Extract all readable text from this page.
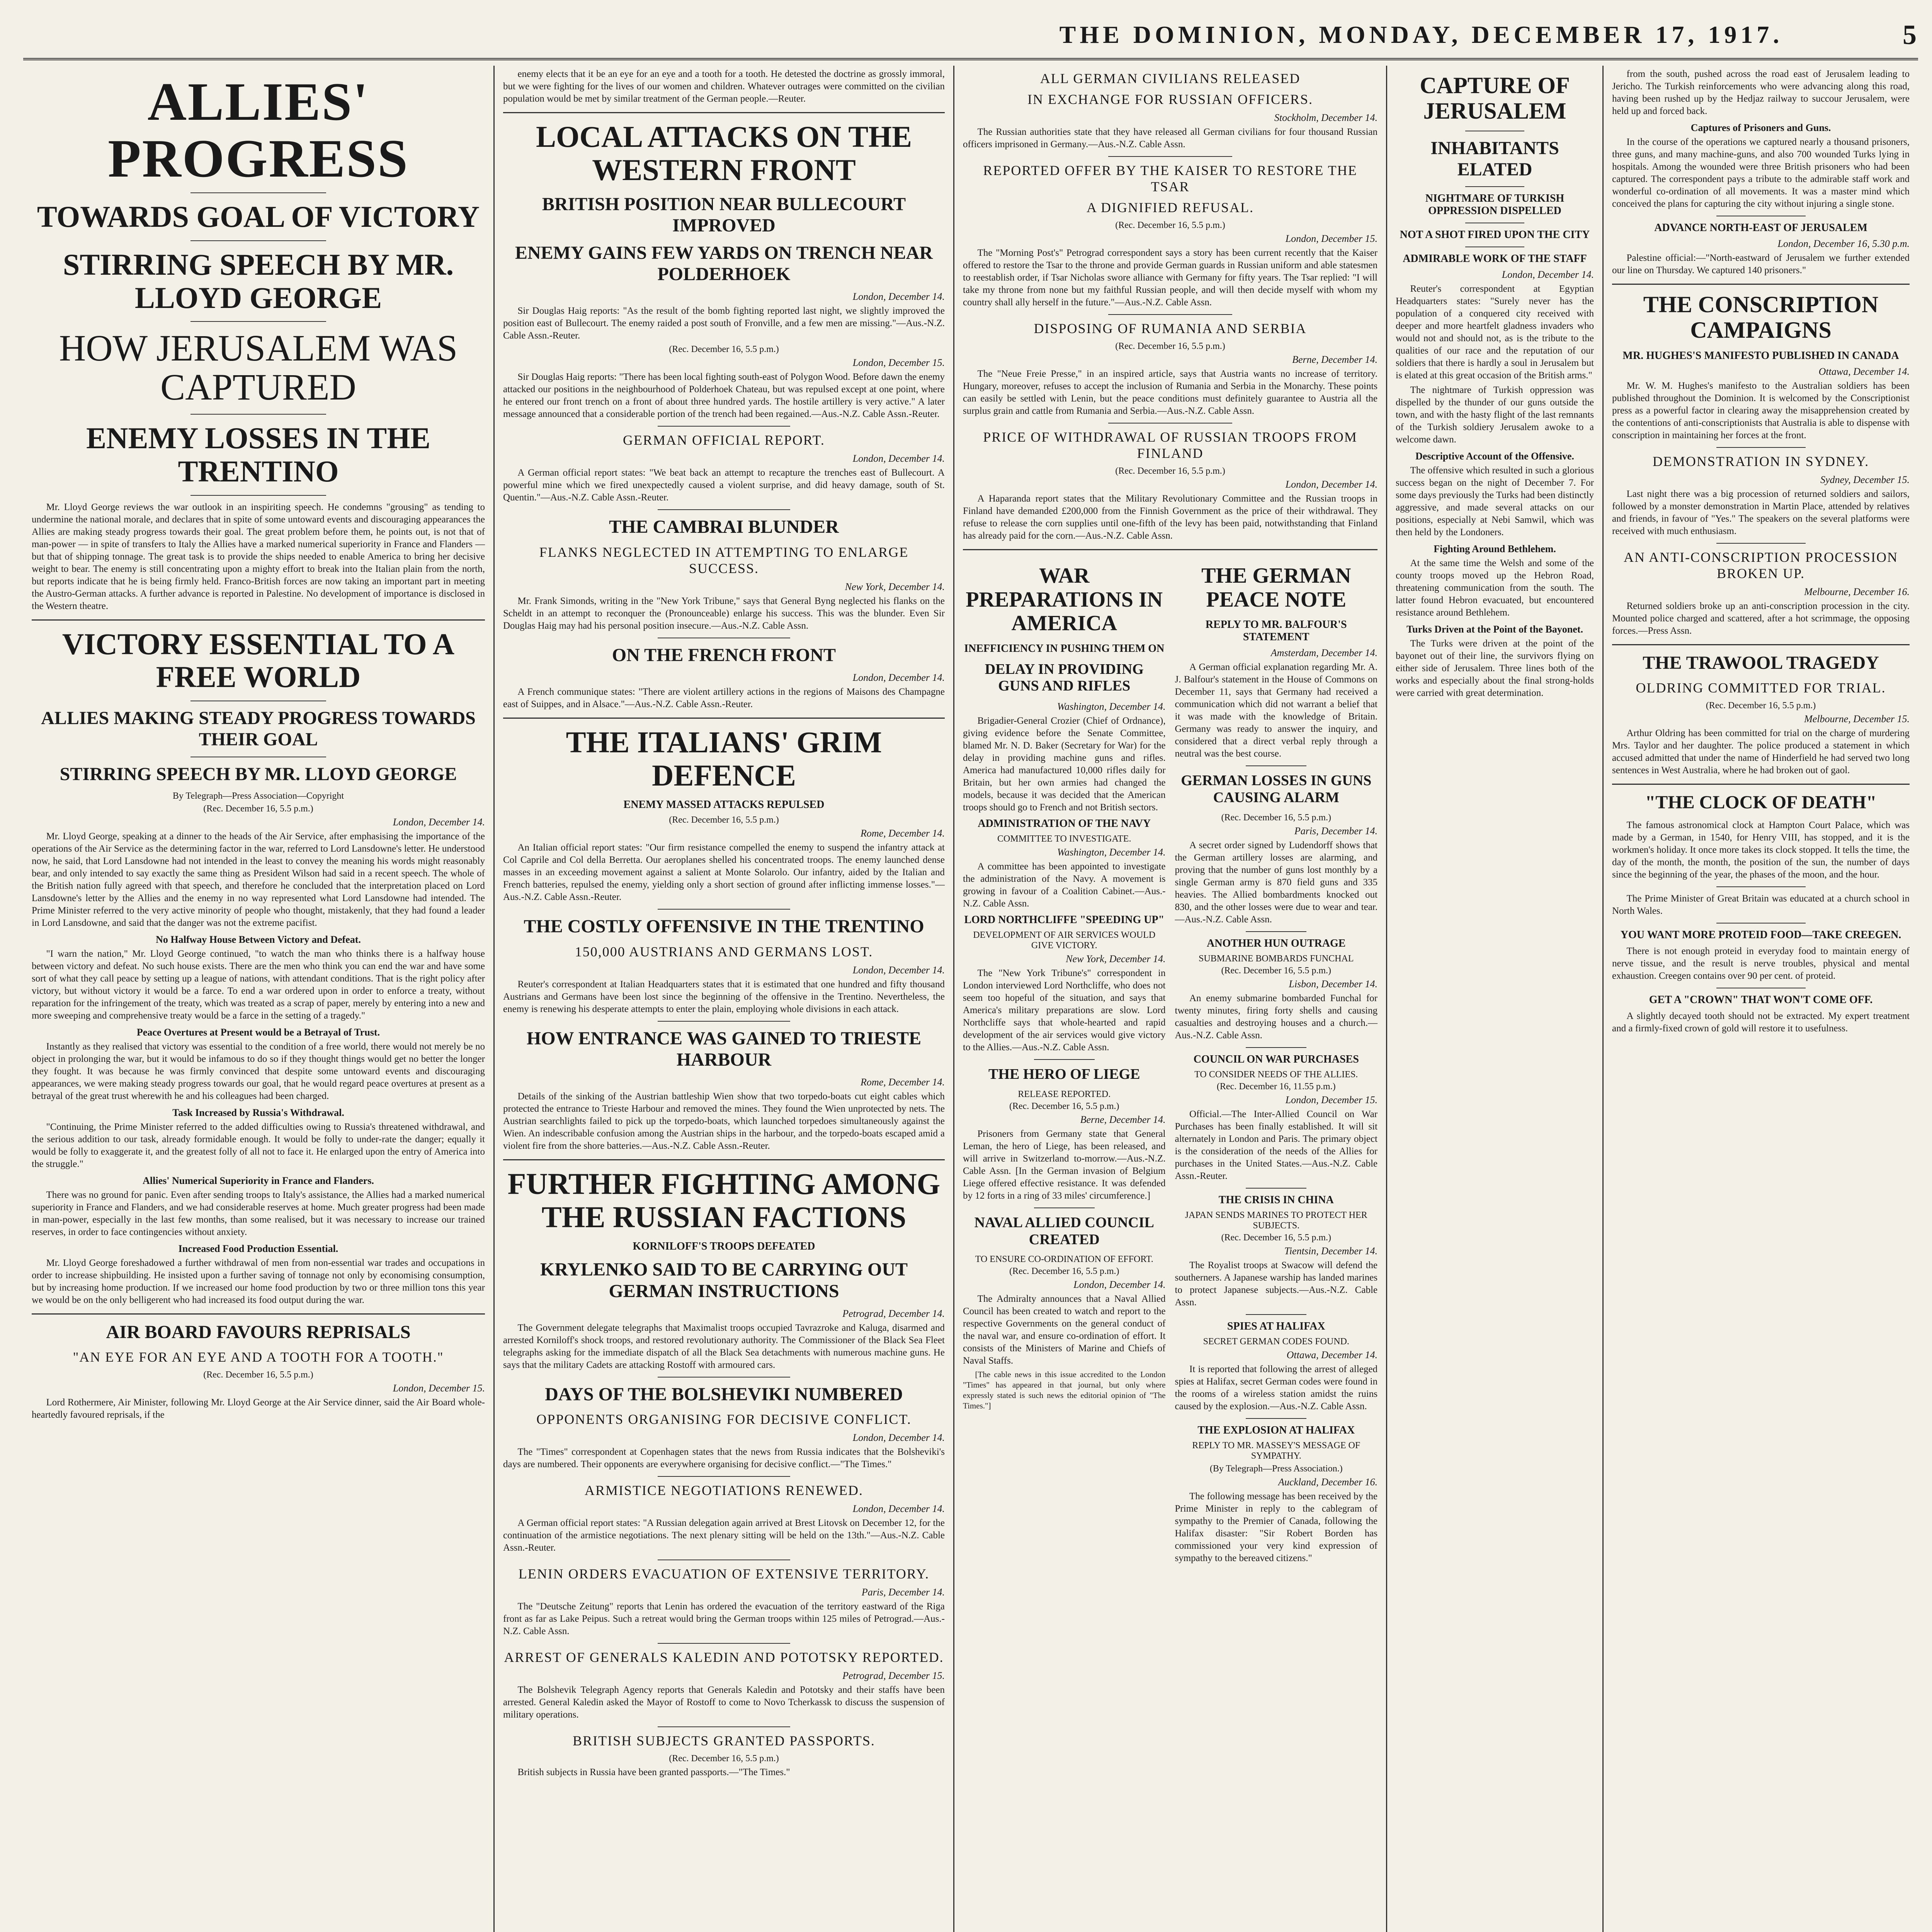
THE DOMINION, MONDAY, DECEMBER 17, 1917.	5
ALLIES' PROGRESS
TOWARDS GOAL OF VICTORY
STIRRING SPEECH BY MR. LLOYD GEORGE
HOW JERUSALEM WAS CAPTURED
ENEMY LOSSES IN THE TRENTINO

Mr. Lloyd George reviews the war outlook in an inspiriting speech. He condemns "grousing" as tending to undermine the national morale, and declares that in spite of some untoward events and discouraging appearances the Allies are making steady progress towards their goal. The great problem before them, he points out, is not that of man-power — in spite of transfers to Italy the Allies have a marked numerical superiority in France and Flanders — but that of shipping tonnage. The great task is to provide the ships needed to enable America to bring her decisive weight to bear. The enemy is still concentrating upon a mighty effort to break into the Italian plain from the north, but reports indicate that he is being firmly held. Franco-British forces are now taking an important part in meeting the Austro-German attacks. A further advance is reported in Palestine. No development of importance is disclosed in the Western theatre.

VICTORY ESSENTIAL TO A FREE WORLD
ALLIES MAKING STEADY PROGRESS TOWARDS THEIR GOAL
STIRRING SPEECH BY MR. LLOYD GEORGE
By Telegraph—Press Association—Copyright
(Rec. December 16, 5.5 p.m.)
London, December 14.

Mr. Lloyd George, speaking at a dinner to the heads of the Air Service, after emphasising the importance of the operations of the Air Service as the determining factor in the war, referred to Lord Lansdowne's letter. He understood now, he said, that Lord Lansdowne had not intended in the least to convey the meaning his words might reasonably bear, and only intended to say exactly the same thing as President Wilson had said in a recent speech. The whole of the British nation fully agreed with that speech, and therefore he concluded that the interpretation placed on Lord Lansdowne's letter by the Allies and the enemy in no way represented what Lord Lansdowne had intended. The Prime Minister referred to the very active minority of people who thought, mistakenly, that they had found a leader in Lord Lansdowne, and said that the danger was not the extreme pacifist.

No Halfway House Between Victory and Defeat.

"I warn the nation," Mr. Lloyd George continued, "to watch the man who thinks there is a halfway house between victory and defeat. No such house exists. There are the men who think you can end the war and have some sort of what they call peace by setting up a league of nations, with attendant conditions. That is the right policy after victory, but without victory it would be a farce. To end a war ordered upon in order to enforce a treaty, without reparation for the infringement of the treaty, which was treated as a scrap of paper, merely by entering into a new and more sweeping and comprehensive treaty would be a farce in the setting of a tragedy."

Peace Overtures at Present would be a Betrayal of Trust.

Instantly as they realised that victory was essential to the condition of a free world, there would not merely be no object in prolonging the war, but it would be infamous to do so if they thought things would get no better the longer they fought. It was because he was firmly convinced that despite some untoward events and discouraging appearances, we were making steady progress towards our goal, that he would regard peace overtures at present as a betrayal of the great trust wherewith he and his colleagues had been charged.

Task Increased by Russia's Withdrawal.

"Continuing, the Prime Minister referred to the added difficulties owing to Russia's threatened withdrawal, and the serious addition to our task, already formidable enough. It would be folly to under-rate the danger; equally it would be folly to exaggerate it, and the greatest folly of all not to face it. He enlarged upon the entry of America into the struggle."

Allies' Numerical Superiority in France and Flanders.

There was no ground for panic. Even after sending troops to Italy's assistance, the Allies had a marked numerical superiority in France and Flanders, and we had considerable reserves at home. Much greater progress had been made in man-power, especially in the last few months, than some realised, but it was necessary to increase our trained reserves, in order to face contingencies without anxiety.

Increased Food Production Essential.

Mr. Lloyd George foreshadowed a further withdrawal of men from non-essential war trades and occupations in order to increase shipbuilding. He insisted upon a further saving of tonnage not only by economising consumption, but by increasing home production. If we increased our home food production by two or three million tons this year we would be on the only belligerent who had increased its food output during the war.

AIR BOARD FAVOURS REPRISALS
"AN EYE FOR AN EYE AND A TOOTH FOR A TOOTH."
(Rec. December 16, 5.5 p.m.)
London, December 15.

Lord Rothermere, Air Minister, following Mr. Lloyd George at the Air Service dinner, said the Air Board whole-heartedly favoured reprisals, if the

enemy elects that it be an eye for an eye and a tooth for a tooth. He detested the doctrine as grossly immoral, but we were fighting for the lives of our women and children. Whatever outrages were committed on the civilian population would be met by similar treatment of the German people.—Reuter.

LOCAL ATTACKS ON THE WESTERN FRONT
BRITISH POSITION NEAR BULLECOURT IMPROVED
ENEMY GAINS FEW YARDS ON TRENCH NEAR POLDERHOEK
London, December 14.

Sir Douglas Haig reports: "As the result of the bomb fighting reported last night, we slightly improved the position east of Bullecourt. The enemy raided a post south of Fronville, and a few men are missing."—Aus.-N.Z. Cable Assn.-Reuter.

(Rec. December 16, 5.5 p.m.)
London, December 15.

Sir Douglas Haig reports: "There has been local fighting south-east of Polygon Wood. Before dawn the enemy attacked our positions in the neighbourhood of Polderhoek Chateau, but was repulsed except at one point, where he entered our front trench on a front of about three hundred yards. The hostile artillery is very active." A later message announced that a considerable portion of the trench had been regained.—Aus.-N.Z. Cable Assn.-Reuter.

GERMAN OFFICIAL REPORT.
London, December 14.

A German official report states: "We beat back an attempt to recapture the trenches east of Bullecourt. A powerful mine which we fired unexpectedly caused a violent surprise, and did heavy damage, south of St. Quentin."—Aus.-N.Z. Cable Assn.-Reuter.

THE CAMBRAI BLUNDER
FLANKS NEGLECTED IN ATTEMPTING TO ENLARGE SUCCESS.
New York, December 14.

Mr. Frank Simonds, writing in the "New York Tribune," says that General Byng neglected his flanks on the Scheldt in an attempt to reconquer the (Pronounceable) enlarge his success. This was the blunder. Even Sir Douglas Haig may had his personal position insecure.—Aus.-N.Z. Cable Assn.

ON THE FRENCH FRONT
London, December 14.

A French communique states: "There are violent artillery actions in the regions of Maisons des Champagne east of Suippes, and in Alsace."—Aus.-N.Z. Cable Assn.-Reuter.

THE ITALIANS' GRIM DEFENCE
ENEMY MASSED ATTACKS REPULSED
(Rec. December 16, 5.5 p.m.)
Rome, December 14.

An Italian official report states: "Our firm resistance compelled the enemy to suspend the infantry attack at Col Caprile and Col della Berretta. Our aeroplanes shelled his concentrated troops. The enemy launched dense masses in an exceeding movement against a salient at Monte Solarolo. Our infantry, aided by the Italian and French batteries, repulsed the enemy, yielding only a short section of ground after inflicting immense losses."—Aus.-N.Z. Cable Assn.-Reuter.

THE COSTLY OFFENSIVE IN THE TRENTINO
150,000 AUSTRIANS AND GERMANS LOST.
London, December 14.

Reuter's correspondent at Italian Headquarters states that it is estimated that one hundred and fifty thousand Austrians and Germans have been lost since the beginning of the offensive in the Trentino. Nevertheless, the enemy is renewing his desperate attempts to enter the plain, employing whole divisions in each attack.

HOW ENTRANCE WAS GAINED TO TRIESTE HARBOUR
Rome, December 14.

Details of the sinking of the Austrian battleship Wien show that two torpedo-boats cut eight cables which protected the entrance to Trieste Harbour and removed the mines. They found the Wien unprotected by nets. The Austrian searchlights failed to pick up the torpedo-boats, which launched torpedoes simultaneously against the Wien. An indescribable confusion among the Austrian ships in the harbour, and the torpedo-boats escaped amid a violent fire from the shore batteries.—Aus.-N.Z. Cable Assn.-Reuter.

FURTHER FIGHTING AMONG THE RUSSIAN FACTIONS
KORNILOFF'S TROOPS DEFEATED
KRYLENKO SAID TO BE CARRYING OUT GERMAN INSTRUCTIONS
Petrograd, December 14.

The Government delegate telegraphs that Maximalist troops occupied Tavrazroke and Kaluga, disarmed and arrested Korniloff's shock troops, and restored revolutionary authority. The Commissioner of the Black Sea Fleet telegraphs asking for the immediate dispatch of all the Black Sea detachments with numerous machine guns. He says that the military Cadets are attacking Rostoff with armoured cars.

DAYS OF THE BOLSHEVIKI NUMBERED
OPPONENTS ORGANISING FOR DECISIVE CONFLICT.
London, December 14.

The "Times" correspondent at Copenhagen states that the news from Russia indicates that the Bolsheviki's days are numbered. Their opponents are everywhere organising for decisive conflict.—"The Times."

ARMISTICE NEGOTIATIONS RENEWED.
London, December 14.

A German official report states: "A Russian delegation again arrived at Brest Litovsk on December 12, for the continuation of the armistice negotiations. The next plenary sitting will be held on the 13th."—Aus.-N.Z. Cable Assn.-Reuter.

LENIN ORDERS EVACUATION OF EXTENSIVE TERRITORY.
Paris, December 14.

The "Deutsche Zeitung" reports that Lenin has ordered the evacuation of the territory eastward of the Riga front as far as Lake Peipus. Such a retreat would bring the German troops within 125 miles of Petrograd.—Aus.-N.Z. Cable Assn.

ARREST OF GENERALS KALEDIN AND POTOTSKY REPORTED.
Petrograd, December 15.

The Bolshevik Telegraph Agency reports that Generals Kaledin and Pototsky and their staffs have been arrested. General Kaledin asked the Mayor of Rostoff to come to Novo Tcherkassk to discuss the suspension of military operations.

BRITISH SUBJECTS GRANTED PASSPORTS.
(Rec. December 16, 5.5 p.m.)

British subjects in Russia have been granted passports.—"The Times."

ALL GERMAN CIVILIANS RELEASED
IN EXCHANGE FOR RUSSIAN OFFICERS.
Stockholm, December 14.

The Russian authorities state that they have released all German civilians for four thousand Russian officers imprisoned in Germany.—Aus.-N.Z. Cable Assn.

REPORTED OFFER BY THE KAISER TO RESTORE THE TSAR
A DIGNIFIED REFUSAL.
(Rec. December 16, 5.5 p.m.)
London, December 15.

The "Morning Post's" Petrograd correspondent says a story has been current recently that the Kaiser offered to restore the Tsar to the throne and provide German guards in Russian uniform and able statesmen to reestablish order, if Tsar Nicholas swore alliance with Germany for fifty years. The Tsar replied: "I will take my throne from none but my faithful Russian people, and will then decide myself with whom my country shall ally herself in the future."—Aus.-N.Z. Cable Assn.

DISPOSING OF RUMANIA AND SERBIA
(Rec. December 16, 5.5 p.m.)
Berne, December 14.

The "Neue Freie Presse," in an inspired article, says that Austria wants no increase of territory. Hungary, moreover, refuses to accept the inclusion of Rumania and Serbia in the Monarchy. These points can easily be settled with Lenin, but the peace conditions must definitely guarantee to Austria all the surplus grain and cattle from Rumania and Serbia.—Aus.-N.Z. Cable Assn.

PRICE OF WITHDRAWAL OF RUSSIAN TROOPS FROM FINLAND
(Rec. December 16, 5.5 p.m.)
London, December 14.

A Haparanda report states that the Military Revolutionary Committee and the Russian troops in Finland have demanded £200,000 from the Finnish Government as the price of their withdrawal. They refuse to release the corn supplies until one-fifth of the levy has been paid, notwithstanding that Finland has already paid for the corn.—Aus.-N.Z. Cable Assn.

WAR PREPARATIONS IN AMERICA
INEFFICIENCY IN PUSHING THEM ON
DELAY IN PROVIDING GUNS AND RIFLES
Washington, December 14.

Brigadier-General Crozier (Chief of Ordnance), giving evidence before the Senate Committee, blamed Mr. N. D. Baker (Secretary for War) for the delay in providing machine guns and rifles. America had manufactured 10,000 rifles daily for Britain, but her own armies had changed the models, because it was decided that the American troops should go to French and not British sectors.

ADMINISTRATION OF THE NAVY
COMMITTEE TO INVESTIGATE.
Washington, December 14.

A committee has been appointed to investigate the administration of the Navy. A movement is growing in favour of a Coalition Cabinet.—Aus.-N.Z. Cable Assn.

LORD NORTHCLIFFE "SPEEDING UP"
DEVELOPMENT OF AIR SERVICES WOULD GIVE VICTORY.
New York, December 14.

The "New York Tribune's" correspondent in London interviewed Lord Northcliffe, who does not seem too hopeful of the situation, and says that America's military preparations are slow. Lord Northcliffe says that whole-hearted and rapid development of the air services would give victory to the Allies.—Aus.-N.Z. Cable Assn.

THE HERO OF LIEGE
RELEASE REPORTED.
(Rec. December 16, 5.5 p.m.)
Berne, December 14.

Prisoners from Germany state that General Leman, the hero of Liege, has been released, and will arrive in Switzerland to-morrow.—Aus.-N.Z. Cable Assn. [In the German invasion of Belgium Liege offered effective resistance. It was defended by 12 forts in a ring of 33 miles' circumference.]

NAVAL ALLIED COUNCIL CREATED
TO ENSURE CO-ORDINATION OF EFFORT.
(Rec. December 16, 5.5 p.m.)
London, December 14.

The Admiralty announces that a Naval Allied Council has been created to watch and report to the respective Governments on the general conduct of the naval war, and ensure co-ordination of effort. It consists of the Ministers of Marine and Chiefs of Naval Staffs.

[The cable news in this issue accredited to the London "Times" has appeared in that journal, but only where expressly stated is such news the editorial opinion of "The Times."]

THE GERMAN PEACE NOTE
REPLY TO MR. BALFOUR'S STATEMENT
Amsterdam, December 14.

A German official explanation regarding Mr. A. J. Balfour's statement in the House of Commons on December 11, says that Germany had received a communication which did not warrant a belief that it was made with the knowledge of Britain. Germany was ready to answer the inquiry, and considered that a direct verbal reply through a neutral was the best course.

GERMAN LOSSES IN GUNS CAUSING ALARM
(Rec. December 16, 5.5 p.m.)
Paris, December 14.

A secret order signed by Ludendorff shows that the German artillery losses are alarming, and proving that the number of guns lost monthly by a single German army is 870 field guns and 335 heavies. The Allied bombardments knocked out 830, and the other losses were due to wear and tear.—Aus.-N.Z. Cable Assn.

ANOTHER HUN OUTRAGE
SUBMARINE BOMBARDS FUNCHAL
(Rec. December 16, 5.5 p.m.)
Lisbon, December 14.

An enemy submarine bombarded Funchal for twenty minutes, firing forty shells and causing casualties and destroying houses and a church.—Aus.-N.Z. Cable Assn.

COUNCIL ON WAR PURCHASES
TO CONSIDER NEEDS OF THE ALLIES.
(Rec. December 16, 11.55 p.m.)
London, December 15.

Official.—The Inter-Allied Council on War Purchases has been finally established. It will sit alternately in London and Paris. The primary object is the consideration of the needs of the Allies for purchases in the United States.—Aus.-N.Z. Cable Assn.-Reuter.

THE CRISIS IN CHINA
JAPAN SENDS MARINES TO PROTECT HER SUBJECTS.
(Rec. December 16, 5.5 p.m.)
Tientsin, December 14.

The Royalist troops at Swacow will defend the southerners. A Japanese warship has landed marines to protect Japanese subjects.—Aus.-N.Z. Cable Assn.

SPIES AT HALIFAX
SECRET GERMAN CODES FOUND.
Ottawa, December 14.

It is reported that following the arrest of alleged spies at Halifax, secret German codes were found in the rooms of a wireless station amidst the ruins caused by the explosion.—Aus.-N.Z. Cable Assn.

THE EXPLOSION AT HALIFAX
REPLY TO MR. MASSEY'S MESSAGE OF SYMPATHY.
(By Telegraph—Press Association.)
Auckland, December 16.

The following message has been received by the Prime Minister in reply to the cablegram of sympathy to the Premier of Canada, following the Halifax disaster: "Sir Robert Borden has commissioned your very kind expression of sympathy to the bereaved citizens."

CAPTURE OF JERUSALEM
INHABITANTS ELATED
NIGHTMARE OF TURKISH OPPRESSION DISPELLED
NOT A SHOT FIRED UPON THE CITY
ADMIRABLE WORK OF THE STAFF
London, December 14.

Reuter's correspondent at Egyptian Headquarters states: "Surely never has the population of a conquered city received with deeper and more heartfelt gladness invaders who would not and should not, as is the tribute to the qualities of our race and the reputation of our soldiers that there is hardly a soul in Jerusalem but is elated at this great occasion of the British arms."

The nightmare of Turkish oppression was dispelled by the thunder of our guns outside the town, and with the hasty flight of the last remnants of the Turkish soldiery Jerusalem awoke to a welcome dawn.

Descriptive Account of the Offensive.

The offensive which resulted in such a glorious success began on the night of December 7. For some days previously the Turks had been distinctly aggressive, and made several attacks on our positions, especially at Nebi Samwil, which was then held by the Londoners.

Fighting Around Bethlehem.

At the same time the Welsh and some of the county troops moved up the Hebron Road, threatening communication from the south. The latter found Hebron evacuated, but encountered resistance around Bethlehem.

Turks Driven at the Point of the Bayonet.

The Turks were driven at the point of the bayonet out of their line, the survivors flying on either side of Jerusalem. Three lines both of the works and especially about the final strong-holds were carried with great determination.

from the south, pushed across the road east of Jerusalem leading to Jericho. The Turkish reinforcements who were advancing along this road, having been rushed up by the Hedjaz railway to succour Jerusalem, were held up and forced back.

Captures of Prisoners and Guns.

In the course of the operations we captured nearly a thousand prisoners, three guns, and many machine-guns, and also 700 wounded Turks lying in hospitals. Among the wounded were three British prisoners who had been captured. The correspondent pays a tribute to the admirable staff work and wonderful co-ordination of all movements. It was a master mind which conceived the plans for capturing the city without injuring a single stone.

ADVANCE NORTH-EAST OF JERUSALEM
London, December 16, 5.30 p.m.

Palestine official:—"North-eastward of Jerusalem we further extended our line on Thursday. We captured 140 prisoners."

THE CONSCRIPTION CAMPAIGNS
MR. HUGHES'S MANIFESTO PUBLISHED IN CANADA
Ottawa, December 14.

Mr. W. M. Hughes's manifesto to the Australian soldiers has been published throughout the Dominion. It is welcomed by the Conscriptionist press as a powerful factor in clearing away the misapprehension created by the contentions of anti-conscriptionists that Australia is able to dispense with conscription in maintaining her forces at the front.

DEMONSTRATION IN SYDNEY.
Sydney, December 15.

Last night there was a big procession of returned soldiers and sailors, followed by a monster demonstration in Martin Place, attended by relatives and friends, in favour of "Yes." The speakers on the several platforms were received with much enthusiasm.

AN ANTI-CONSCRIPTION PROCESSION BROKEN UP.
Melbourne, December 16.

Returned soldiers broke up an anti-conscription procession in the city. Mounted police charged and scattered, after a hot scrimmage, the opposing forces.—Press Assn.

THE TRAWOOL TRAGEDY
OLDRING COMMITTED FOR TRIAL.
(Rec. December 16, 5.5 p.m.)
Melbourne, December 15.

Arthur Oldring has been committed for trial on the charge of murdering Mrs. Taylor and her daughter. The police produced a statement in which accused admitted that under the name of Hinderfield he had served two long sentences in West Australia, where he had broken out of gaol.

"THE CLOCK OF DEATH"

The famous astronomical clock at Hampton Court Palace, which was made by a German, in 1540, for Henry VIII, has stopped, and it is the workmen's holiday. It once more takes its clock stopped. It tells the time, the day of the month, the month, the position of the sun, the number of days since the beginning of the year, the phases of the moon, and the hour.

The Prime Minister of Great Britain was educated at a church school in North Wales.

YOU WANT MORE PROTEID FOOD—TAKE CREEGEN.

There is not enough proteid in everyday food to maintain energy of nerve tissue, and the result is nerve troubles, physical and mental exhaustion. Creegen contains over 90 per cent. of proteid.

GET A "CROWN" THAT WON'T COME OFF.

A slightly decayed tooth should not be extracted. My expert treatment and a firmly-fixed crown of gold will restore it to usefulness.
